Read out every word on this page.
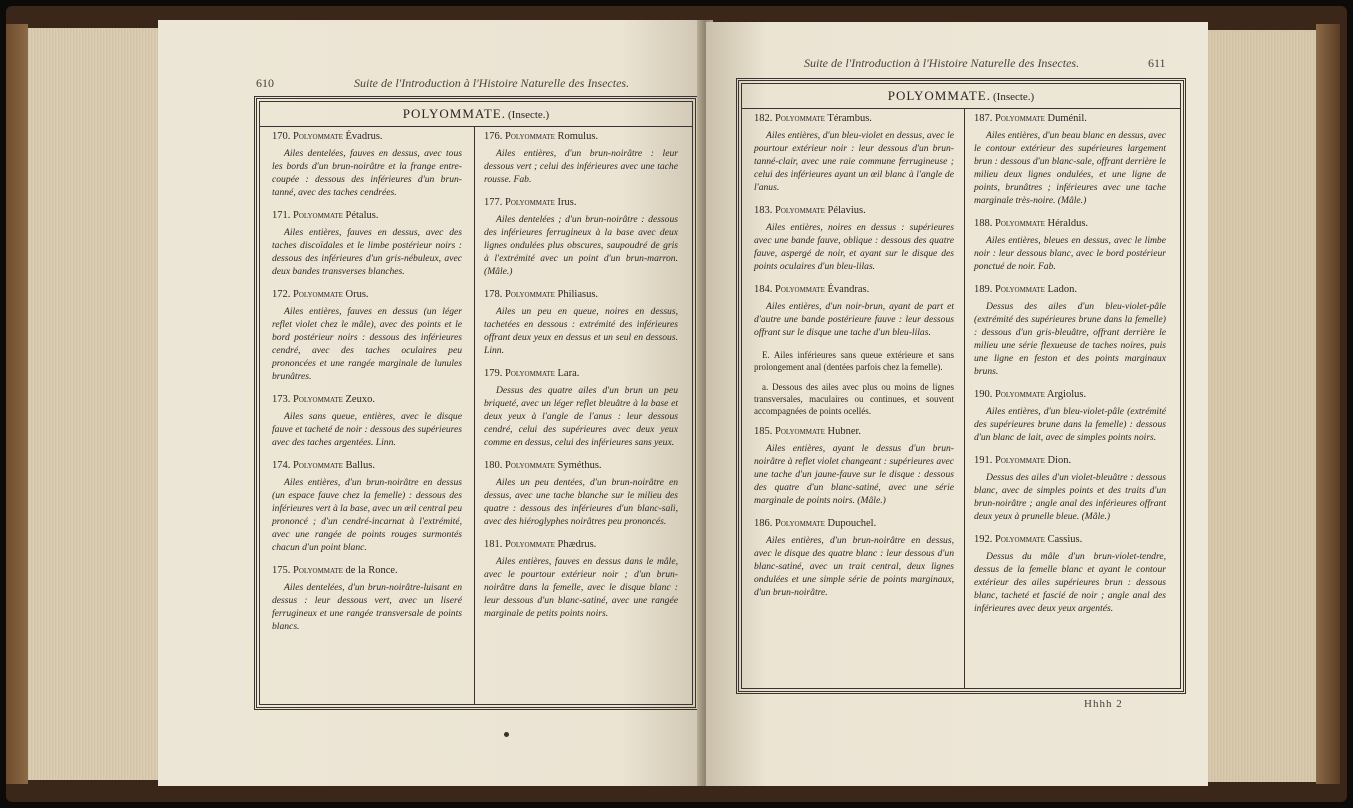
610	Suite de l'Introduction à l'Histoire Naturelle des Insectes.
POLYOMMATE. (Insecte.)
170. Polyommate Évadrus.
Ailes dentelées, fauves en dessus, avec tous les bords d'un brun-noirâtre et la frange entre-coupée : dessous des inférieures d'un brun-tanné, avec des taches cendrées.
171. Polyommate Pétalus.
Ailes entières, fauves en dessus, avec des taches discoïdales et le limbe postérieur noirs : dessous des inférieures d'un gris-nébuleux, avec deux bandes transverses blanches.
172. Polyommate Orus.
Ailes entières, fauves en dessus (un léger reflet violet chez le mâle), avec des points et le bord postérieur noirs : dessous des inférieures cendré, avec des taches oculaires peu prononcées et une rangée marginale de lunules brunâtres.
173. Polyommate Zeuxo.
Ailes sans queue, entières, avec le disque fauve et tacheté de noir : dessous des supérieures avec des taches argentées. Linn.
174. Polyommate Ballus.
Ailes entières, d'un brun-noirâtre en dessus (un espace fauve chez la femelle) : dessous des inférieures vert à la base, avec un œil central peu prononcé ; d'un cendré-incarnat à l'extrémité, avec une rangée de points rouges surmontés chacun d'un point blanc.
175. Polyommate de la Ronce.
Ailes dentelées, d'un brun-noirâtre-luisant en dessus : leur dessous vert, avec un liseré ferrugineux et une rangée transversale de points blancs.
176. Polyommate Romulus.
Ailes entières, d'un brun-noirâtre : leur dessous vert ; celui des inférieures avec une tache rousse. Fab.
177. Polyommate Irus.
Ailes dentelées ; d'un brun-noirâtre : dessous des inférieures ferrugineux à la base avec deux lignes ondulées plus obscures, saupoudré de gris à l'extrémité avec un point d'un brun-marron. (Mâle.)
178. Polyommate Philiasus.
Ailes un peu en queue, noires en dessus, tachetées en dessous : extrémité des inférieures offrant deux yeux en dessus et un seul en dessous. Linn.
179. Polyommate Lara.
Dessus des quatre ailes d'un brun un peu briqueté, avec un léger reflet bleuâtre à la base et deux yeux à l'angle de l'anus : leur dessous cendré, celui des supérieures avec deux yeux comme en dessus, celui des inférieures sans yeux.
180. Polyommate Syméthus.
Ailes un peu dentées, d'un brun-noirâtre en dessus, avec une tache blanche sur le milieu des quatre : dessous des inférieures d'un blanc-sali, avec des hiéroglyphes noirâtres peu prononcés.
181. Polyommate Phædrus.
Ailes entières, fauves en dessus dans le mâle, avec le pourtour extérieur noir ; d'un brun-noirâtre dans la femelle, avec le disque blanc : leur dessous d'un blanc-satiné, avec une rangée marginale de petits points noirs.
Suite de l'Introduction à l'Histoire Naturelle des Insectes.	611
POLYOMMATE. (Insecte.)
182. Polyommate Térambus.
Ailes entières, d'un bleu-violet en dessus, avec le pourtour extérieur noir : leur dessous d'un brun-tanné-clair, avec une raie commune ferrugineuse ; celui des inférieures ayant un œil blanc à l'angle de l'anus.
183. Polyommate Pélavius.
Ailes entières, noires en dessus : supérieures avec une bande fauve, oblique : dessous des quatre fauve, aspergé de noir, et ayant sur le disque des points oculaires d'un bleu-lilas.
184. Polyommate Évandras.
Ailes entières, d'un noir-brun, ayant de part et d'autre une bande postérieure fauve : leur dessous offrant sur le disque une tache d'un bleu-lilas.
E. Ailes inférieures sans queue extérieure et sans prolongement anal (dentées parfois chez la femelle).
a. Dessous des ailes avec plus ou moins de lignes transversales, maculaires ou continues, et souvent accompagnées de points ocellés.
185. Polyommate Hubner.
Ailes entières, ayant le dessus d'un brun-noirâtre à reflet violet changeant : supérieures avec une tache d'un jaune-fauve sur le disque : dessous des quatre d'un blanc-satiné, avec une série marginale de points noirs. (Mâle.)
186. Polyommate Dupouchel.
Ailes entières, d'un brun-noirâtre en dessus, avec le disque des quatre blanc : leur dessous d'un blanc-satiné, avec un trait central, deux lignes ondulées et une simple série de points marginaux, d'un brun-noirâtre.
187. Polyommate Duménil.
Ailes entières, d'un beau blanc en dessus, avec le contour extérieur des supérieures largement brun : dessous d'un blanc-sale, offrant derrière le milieu deux lignes ondulées, et une ligne de points, brunâtres ; inférieures avec une tache marginale très-noire. (Mâle.)
188. Polyommate Héraldus.
Ailes entières, bleues en dessus, avec le limbe noir : leur dessous blanc, avec le bord postérieur ponctué de noir. Fab.
189. Polyommate Ladon.
Dessus des ailes d'un bleu-violet-pâle (extrémité des supérieures brune dans la femelle) : dessous d'un gris-bleuâtre, offrant derrière le milieu une série flexueuse de taches noires, puis une ligne en feston et des points marginaux bruns.
190. Polyommate Argiolus.
Ailes entières, d'un bleu-violet-pâle (extrémité des supérieures brune dans la femelle) : dessous d'un blanc de lait, avec de simples points noirs.
191. Polyommate Dion.
Dessus des ailes d'un violet-bleuâtre : dessous blanc, avec de simples points et des traits d'un brun-noirâtre ; angle anal des inférieures offrant deux yeux à prunelle bleue. (Mâle.)
192. Polyommate Cassius.
Dessus du mâle d'un brun-violet-tendre, dessus de la femelle blanc et ayant le contour extérieur des ailes supérieures brun : dessous blanc, tacheté et fascié de noir ; angle anal des inférieures avec deux yeux argentés.
Hhhh 2
